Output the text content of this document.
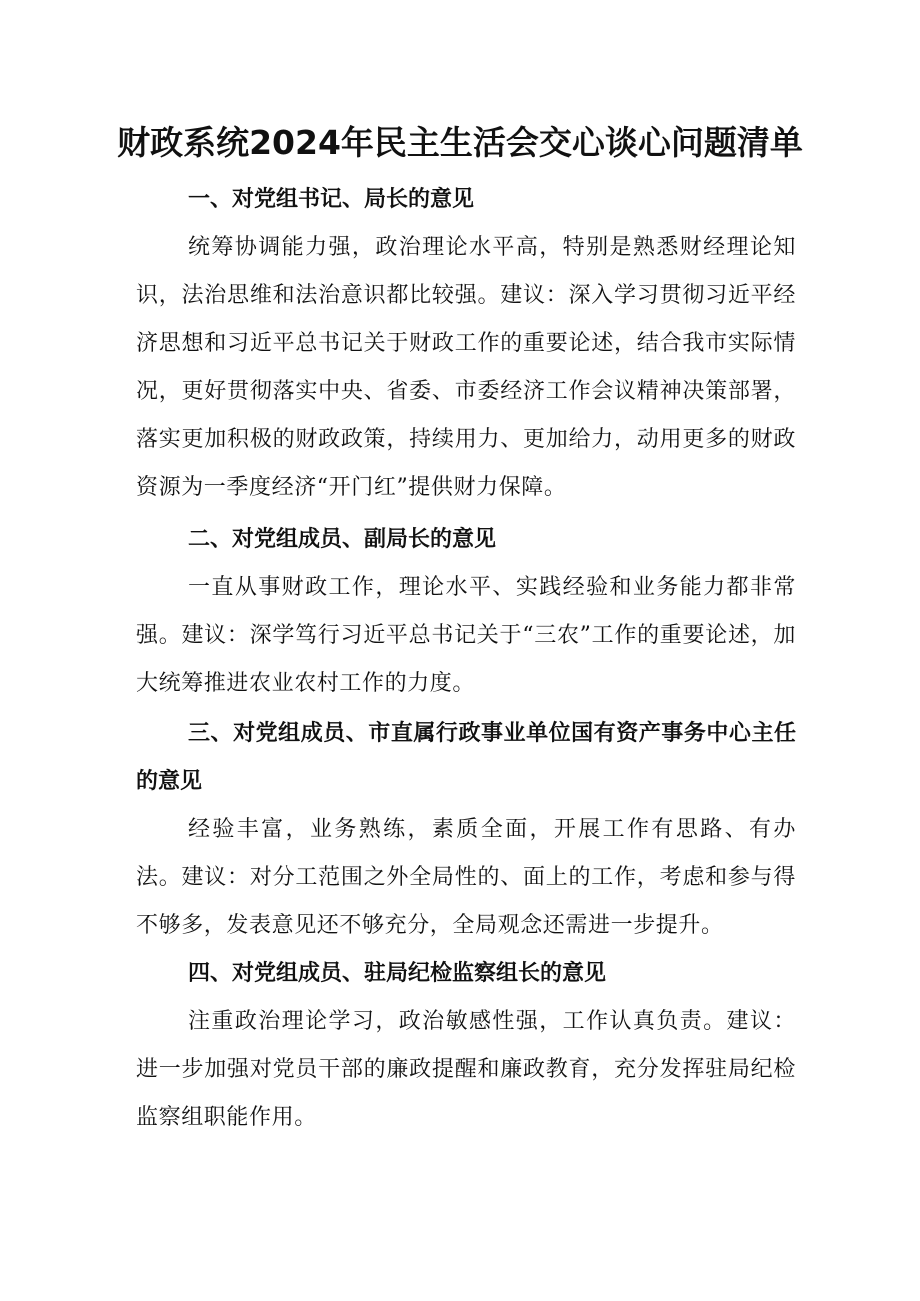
财政系统2024年民主生活会交心谈心问题清单

一、对党组书记、局长的意见

统筹协调能力强，政治理论水平高，特别是熟悉财经理论知识，法治思维和法治意识都比较强。建议：深入学习贯彻习近平经济思想和习近平总书记关于财政工作的重要论述，结合我市实际情况，更好贯彻落实中央、省委、市委经济工作会议精神决策部署，落实更加积极的财政政策，持续用力、更加给力，动用更多的财政资源为一季度经济“开门红”提供财力保障。

二、对党组成员、副局长的意见

一直从事财政工作，理论水平、实践经验和业务能力都非常强。建议：深学笃行习近平总书记关于“三农”工作的重要论述，加大统筹推进农业农村工作的力度。

三、对党组成员、市直属行政事业单位国有资产事务中心主任的意见

经验丰富，业务熟练，素质全面，开展工作有思路、有办法。建议：对分工范围之外全局性的、面上的工作，考虑和参与得不够多，发表意见还不够充分，全局观念还需进一步提升。

四、对党组成员、驻局纪检监察组长的意见

注重政治理论学习，政治敏感性强，工作认真负责。建议：进一步加强对党员干部的廉政提醒和廉政教育，充分发挥驻局纪检监察组职能作用。
